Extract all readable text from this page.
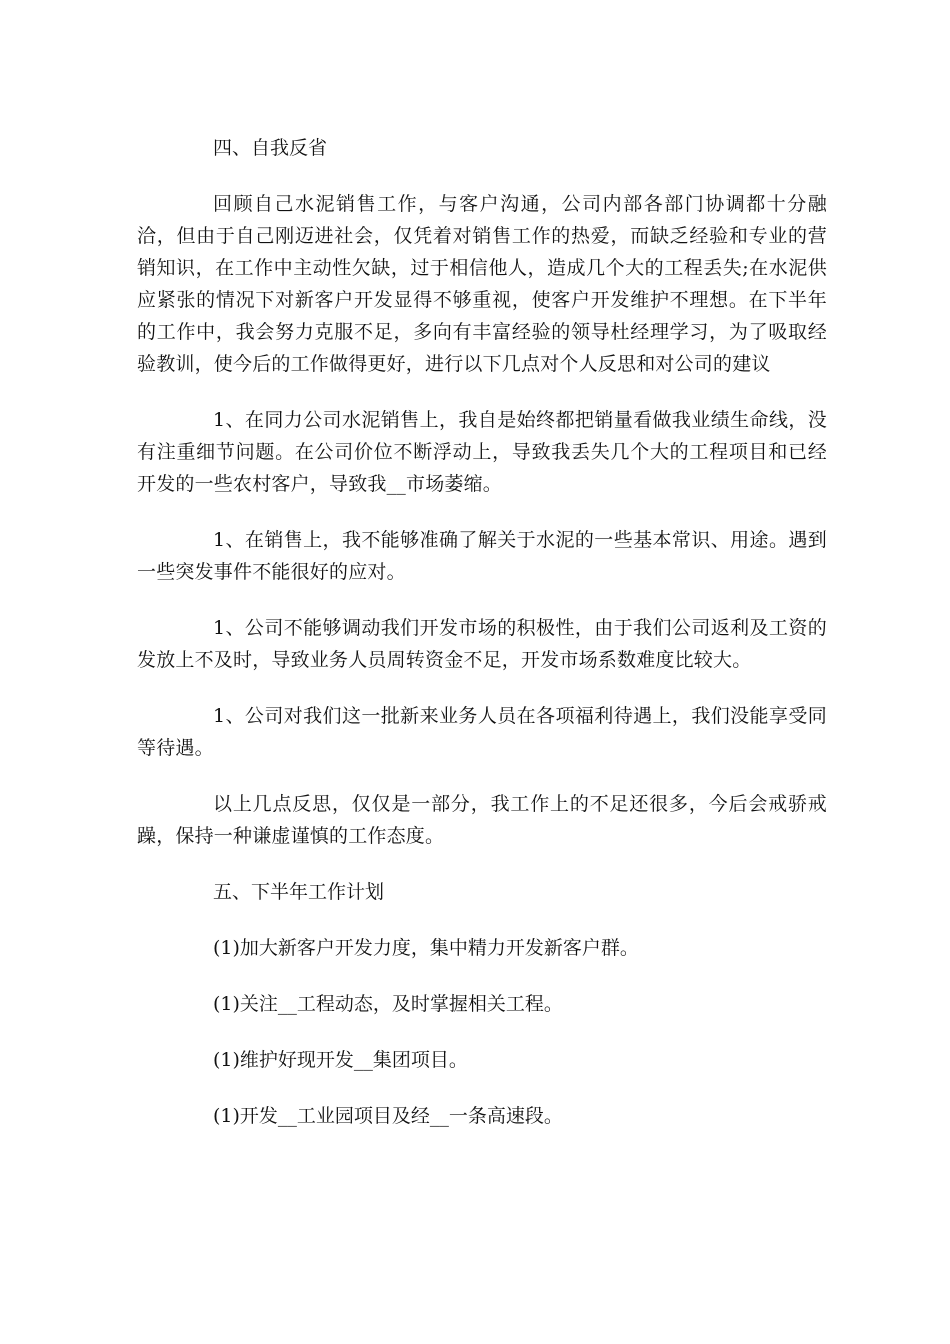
四、自我反省

回顾自己水泥销售工作，与客户沟通，公司内部各部门协调都十分融洽，但由于自己刚迈进社会，仅凭着对销售工作的热爱，而缺乏经验和专业的营销知识，在工作中主动性欠缺，过于相信他人，造成几个大的工程丢失;在水泥供应紧张的情况下对新客户开发显得不够重视，使客户开发维护不理想。在下半年的工作中，我会努力克服不足，多向有丰富经验的领导杜经理学习，为了吸取经验教训，使今后的工作做得更好，进行以下几点对个人反思和对公司的建议

1、在同力公司水泥销售上，我自是始终都把销量看做我业绩生命线，没有注重细节问题。在公司价位不断浮动上，导致我丢失几个大的工程项目和已经开发的一些农村客户，导致我__市场萎缩。

1、在销售上，我不能够准确了解关于水泥的一些基本常识、用途。遇到一些突发事件不能很好的应对。

1、公司不能够调动我们开发市场的积极性，由于我们公司返利及工资的发放上不及时，导致业务人员周转资金不足，开发市场系数难度比较大。

1、公司对我们这一批新来业务人员在各项福利待遇上，我们没能享受同等待遇。

以上几点反思，仅仅是一部分，我工作上的不足还很多，今后会戒骄戒躁，保持一种谦虚谨慎的工作态度。

五、下半年工作计划

(1)加大新客户开发力度，集中精力开发新客户群。

(1)关注__工程动态，及时掌握相关工程。

(1)维护好现开发__集团项目。

(1)开发__工业园项目及经__一条高速段。
